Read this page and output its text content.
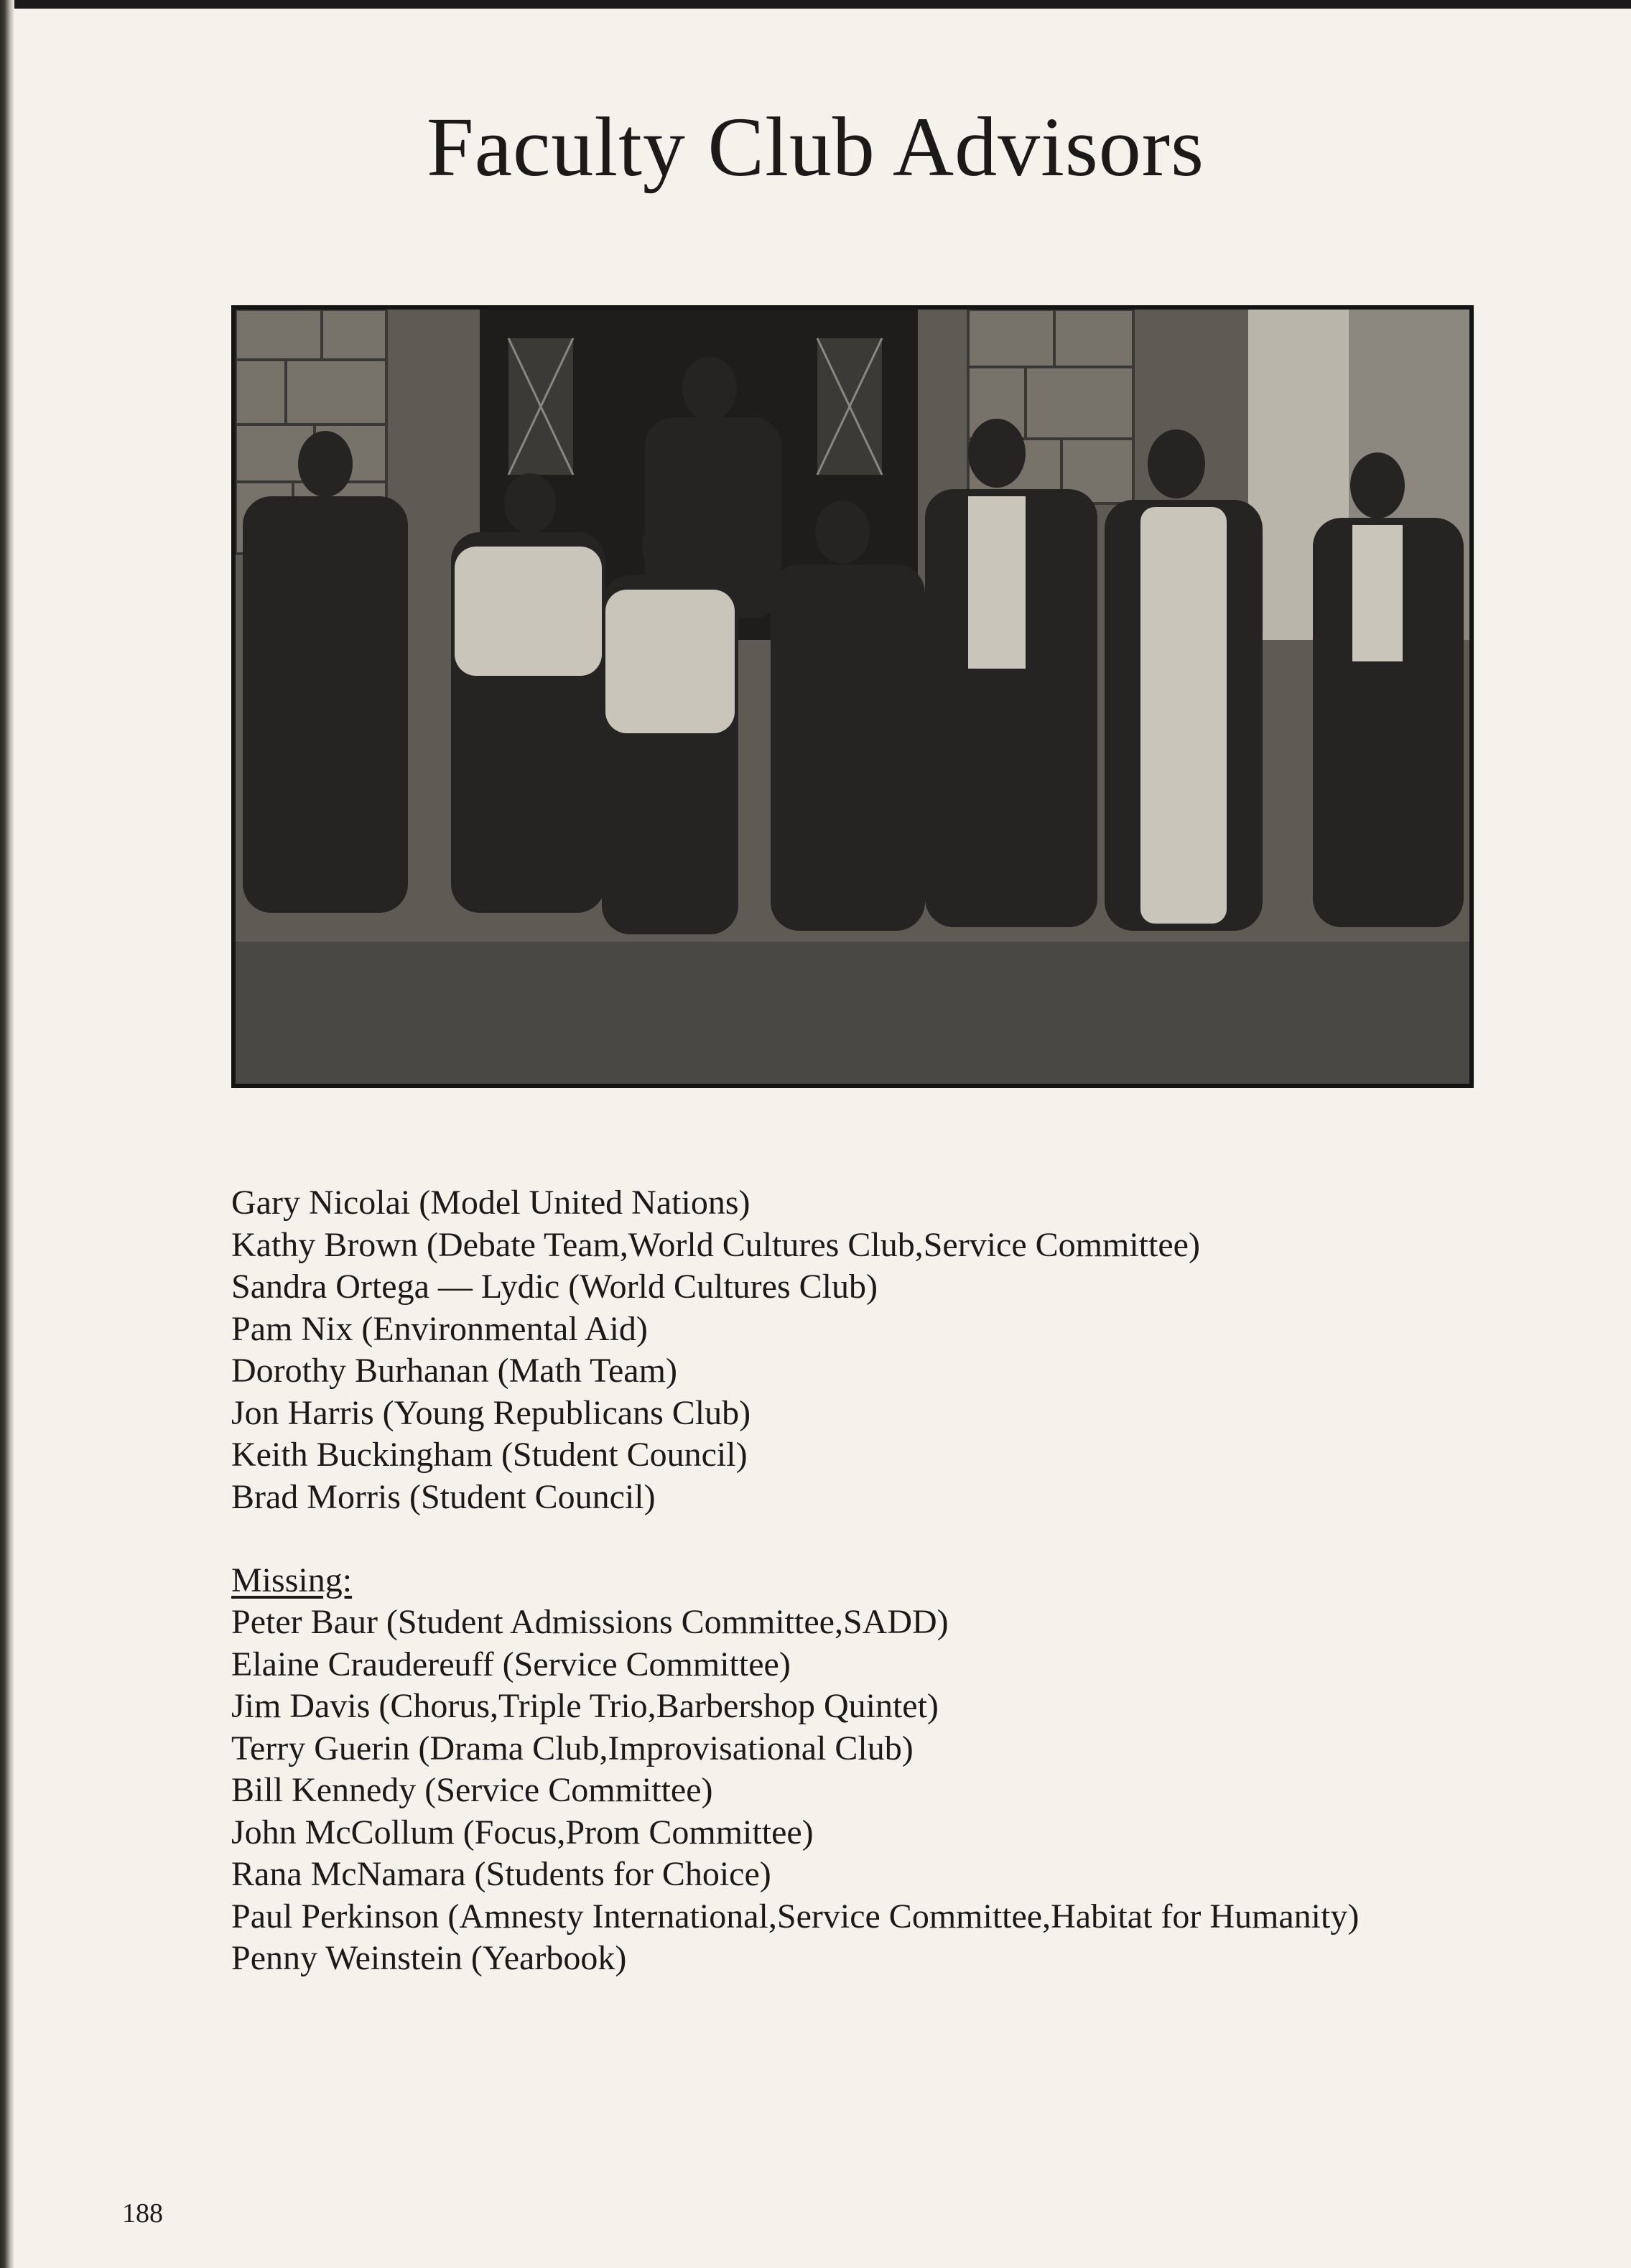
Faculty Club Advisors
Gary Nicolai (Model United Nations)
Kathy Brown (Debate Team,World Cultures Club,Service Committee)
Sandra Ortega — Lydic (World Cultures Club)
Pam Nix (Environmental Aid)
Dorothy Burhanan (Math Team)
Jon Harris (Young Republicans Club)
Keith Buckingham (Student Council)
Brad Morris (Student Council)
Missing:
Peter Baur (Student Admissions Committee,SADD)
Elaine Craudereuff (Service Committee)
Jim Davis (Chorus,Triple Trio,Barbershop Quintet)
Terry Guerin (Drama Club,Improvisational Club)
Bill Kennedy (Service Committee)
John McCollum (Focus,Prom Committee)
Rana McNamara (Students for Choice)
Paul Perkinson (Amnesty International,Service Committee,Habitat for Humanity)
Penny Weinstein (Yearbook)
188
